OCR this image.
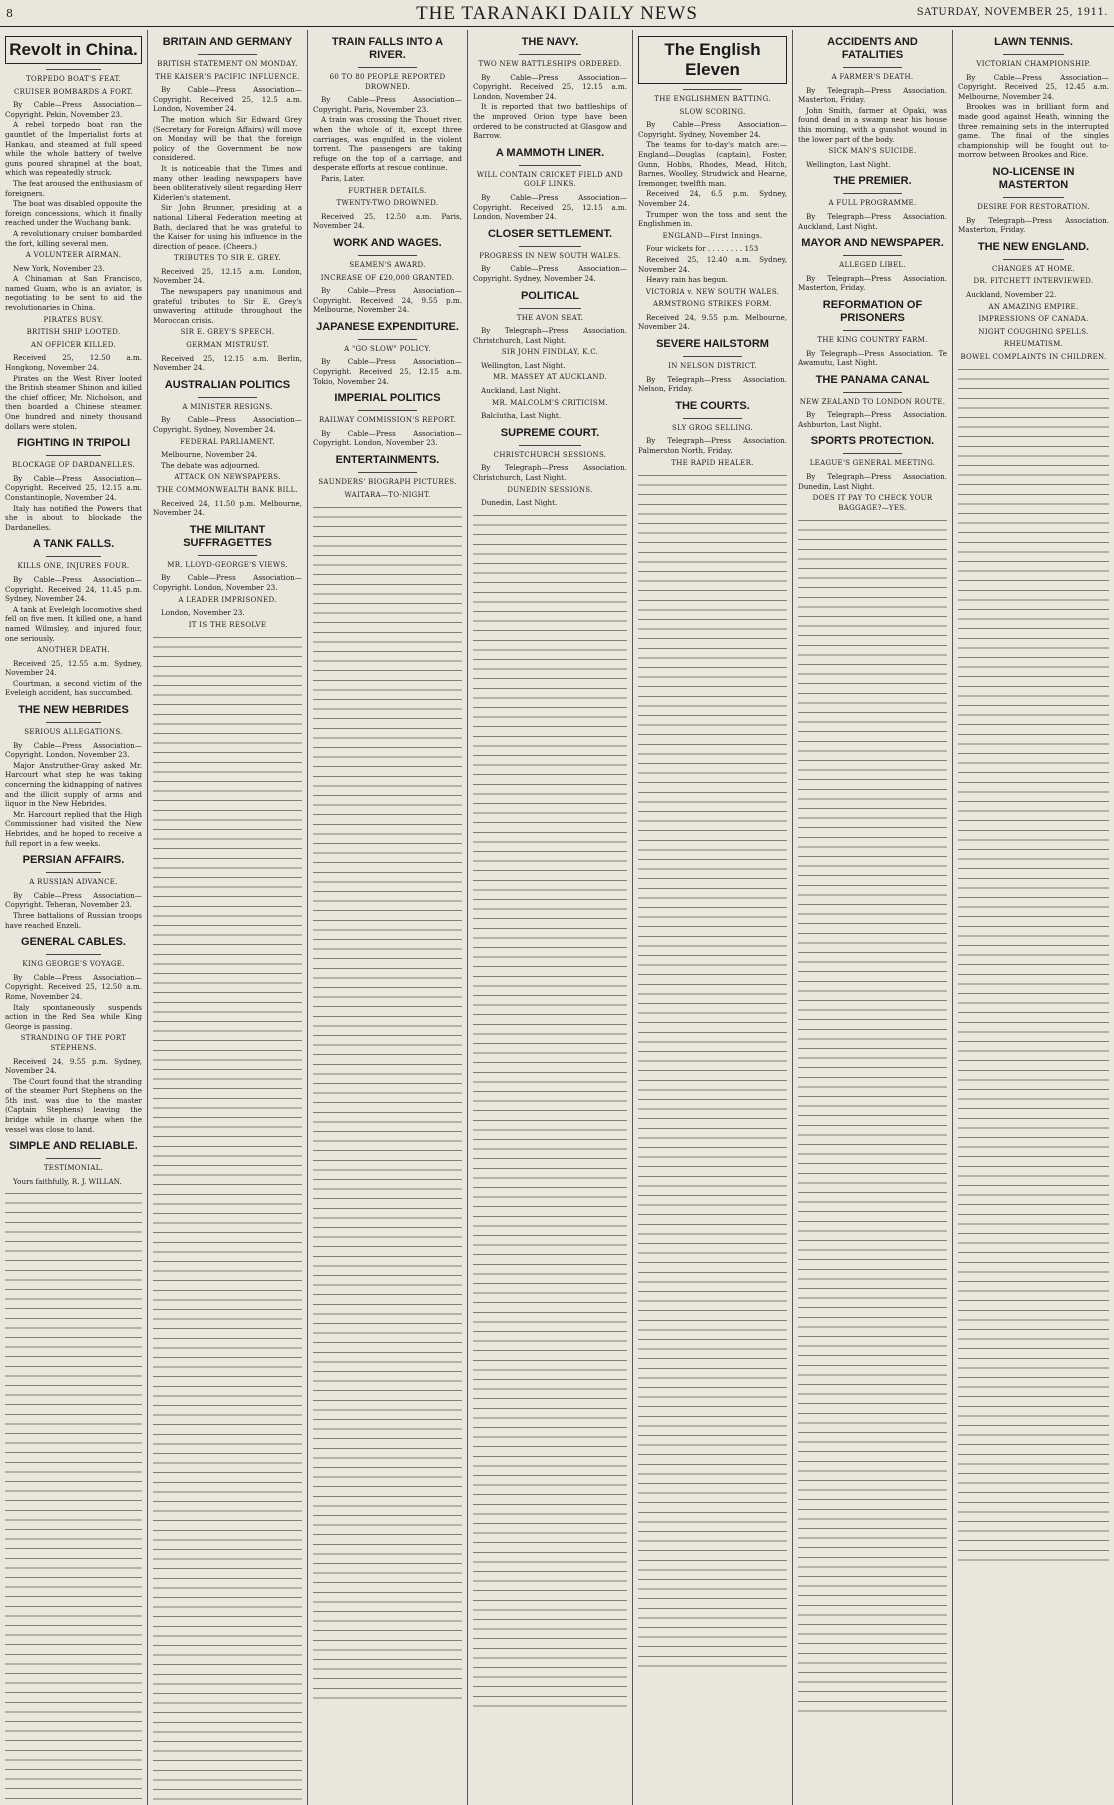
8	THE TARANAKI DAILY NEWS	SATURDAY, NOVEMBER 25, 1911.
Revolt in China.
TORPEDO BOAT'S FEAT.
CRUISER BOMBARDS A FORT.
By Cable—Press Association—Copyright. Pekin, November 23.
A rebel torpedo boat ran the gauntlet of the Imperialist forts at Hankau, and steamed at full speed while the whole battery of twelve guns poured shrapnel at the boat, which was repeatedly struck.
The feat aroused the enthusiasm of foreigners.
The boat was disabled opposite the foreign concessions, which it finally reached under the Wuchang bank.
A revolutionary cruiser bombarded the fort, killing several men.
A VOLUNTEER AIRMAN.
New York, November 23.
A Chinaman at San Francisco, named Guam, who is an aviator, is negotiating to be sent to aid the revolutionaries in China.
PIRATES BUSY.
BRITISH SHIP LOOTED.
AN OFFICER KILLED.
Received 25, 12.50 a.m. Hongkong, November 24.
Pirates on the West River looted the British steamer Shinon and killed the chief officer, Mr. Nicholson, and then boarded a Chinese steamer. One hundred and ninety thousand dollars were stolen.
FIGHTING IN TRIPOLI
BLOCKAGE OF DARDANELLES.
By Cable—Press Association—Copyright. Received 25, 12.15 a.m. Constantinople, November 24.
Italy has notified the Powers that she is about to blockade the Dardanelles.
A TANK FALLS.
KILLS ONE, INJURES FOUR.
By Cable—Press Association—Copyright. Received 24, 11.45 p.m. Sydney, November 24.
A tank at Eveleigh locomotive shed fell on five men. It killed one, a hand named Wilmsley, and injured four, one seriously.
ANOTHER DEATH.
Received 25, 12.55 a.m. Sydney, November 24.
Courtman, a second victim of the Eveleigh accident, has succumbed.
THE NEW HEBRIDES
SERIOUS ALLEGATIONS.
By Cable—Press Association—Copyright. London, November 23.
Major Anstruther-Gray asked Mr. Harcourt what step he was taking concerning the kidnapping of natives and the illicit supply of arms and liquor in the New Hebrides.
Mr. Harcourt replied that the High Commissioner had visited the New Hebrides, and he hoped to receive a full report in a few weeks.
PERSIAN AFFAIRS.
A RUSSIAN ADVANCE.
By Cable—Press Association—Copyright. Teheran, November 23.
Three battalions of Russian troops have reached Enzeli.
GENERAL CABLES.
KING GEORGE'S VOYAGE.
By Cable—Press Association—Copyright. Received 25, 12.50 a.m. Rome, November 24.
Italy spontaneously suspends action in the Red Sea while King George is passing.
STRANDING OF THE PORT STEPHENS.
Received 24, 9.55 p.m. Sydney, November 24.
The Court found that the stranding of the steamer Port Stephens on the 5th inst. was due to the master (Captain Stephens) leaving the bridge while in charge when the vessel was close to land.
SIMPLE AND RELIABLE.
TESTIMONIAL.
Yours faithfully, R. J. WILLAN.
BRITAIN AND GERMANY
BRITISH STATEMENT ON MONDAY.
THE KAISER'S PACIFIC INFLUENCE.
By Cable—Press Association—Copyright. Received 25, 12.5 a.m. London, November 24.
The motion which Sir Edward Grey (Secretary for Foreign Affairs) will move on Monday will be that the foreign policy of the Government be now considered.
It is noticeable that the Times and many other leading newspapers have been obliteratively silent regarding Herr Kiderlen's statement.
Sir John Brunner, presiding at a national Liberal Federation meeting at Bath, declared that he was grateful to the Kaiser for using his influence in the direction of peace. (Cheers.)
TRIBUTES TO SIR E. GREY.
Received 25, 12.15 a.m. London, November 24.
The newspapers pay unanimous and grateful tributes to Sir E. Grey's unwavering attitude throughout the Moroccan crisis.
SIR E. GREY'S SPEECH.
GERMAN MISTRUST.
Received 25, 12.15 a.m. Berlin, November 24.
AUSTRALIAN POLITICS
A MINISTER RESIGNS.
By Cable—Press Association—Copyright. Sydney, November 24.
FEDERAL PARLIAMENT.
Melbourne, November 24.
The debate was adjourned.
ATTACK ON NEWSPAPERS.
THE COMMONWEALTH BANK BILL.
Received 24, 11.50 p.m. Melbourne, November 24.
THE MILITANT SUFFRAGETTES
MR. LLOYD-GEORGE'S VIEWS.
By Cable—Press Association—Copyright. London, November 23.
A LEADER IMPRISONED.
London, November 23.
IT IS THE RESOLVE
TRAIN FALLS INTO A RIVER.
60 TO 80 PEOPLE REPORTED DROWNED.
By Cable—Press Association—Copyright. Paris, November 23.
A train was crossing the Thouet river, when the whole of it, except three carriages, was engulfed in the violent torrent. The passengers are taking refuge on the top of a carriage, and desperate efforts at rescue continue.
Paris, Later.
FURTHER DETAILS.
TWENTY-TWO DROWNED.
Received 25, 12.50 a.m. Paris, November 24.
WORK AND WAGES.
SEAMEN'S AWARD.
INCREASE OF £20,000 GRANTED.
By Cable—Press Association—Copyright. Received 24, 9.55 p.m. Melbourne, November 24.
JAPANESE EXPENDITURE.
A "GO SLOW" POLICY.
By Cable—Press Association—Copyright. Received 25, 12.15 a.m. Tokio, November 24.
IMPERIAL POLITICS
RAILWAY COMMISSION'S REPORT.
By Cable—Press Association—Copyright. London, November 23.
ENTERTAINMENTS.
SAUNDERS' BIOGRAPH PICTURES.
WAITARA—TO-NIGHT.
THE NAVY.
TWO NEW BATTLESHIPS ORDERED.
By Cable—Press Association—Copyright. Received 25, 12.15 a.m. London, November 24.
It is reported that two battleships of the improved Orion type have been ordered to be constructed at Glasgow and Barrow.
A MAMMOTH LINER.
WILL CONTAIN CRICKET FIELD AND GOLF LINKS.
By Cable—Press Association—Copyright. Received 25, 12.15 a.m. London, November 24.
CLOSER SETTLEMENT.
PROGRESS IN NEW SOUTH WALES.
By Cable—Press Association—Copyright. Sydney, November 24.
POLITICAL
THE AVON SEAT.
By Telegraph—Press Association. Christchurch, Last Night.
SIR JOHN FINDLAY, K.C.
Wellington, Last Night.
MR. MASSEY AT AUCKLAND.
Auckland, Last Night.
MR. MALCOLM'S CRITICISM.
Balclutha, Last Night.
SUPREME COURT.
CHRISTCHURCH SESSIONS.
By Telegraph—Press Association. Christchurch, Last Night.
DUNEDIN SESSIONS.
Dunedin, Last Night.
The English Eleven
THE ENGLISHMEN BATTING.
SLOW SCORING.
By Cable—Press Association—Copyright. Sydney, November 24.
The teams for to-day's match are:— England—Douglas (captain), Foster, Gunn, Hobbs, Rhodes, Mead, Hitch, Barnes, Woolley, Strudwick and Hearne, Iremonger, twelfth man.
Received 24, 6.5 p.m. Sydney, November 24.
Trumper won the toss and sent the Englishmen in.
ENGLAND—First Innings.
Four wickets for . . . . . . . . 153
Received 25, 12.40 a.m. Sydney, November 24.
Heavy rain has begun.
VICTORIA v. NEW SOUTH WALES.
ARMSTRONG STRIKES FORM.
Received 24, 9.55 p.m. Melbourne, November 24.
SEVERE HAILSTORM
IN NELSON DISTRICT.
By Telegraph—Press Association. Nelson, Friday.
THE COURTS.
SLY GROG SELLING.
By Telegraph—Press Association. Palmerston North, Friday.
THE RAPID HEALER.
ACCIDENTS AND FATALITIES
A FARMER'S DEATH.
By Telegraph—Press Association. Masterton, Friday.
John Smith, farmer at Opaki, was found dead in a swamp near his house this morning, with a gunshot wound in the lower part of the body.
SICK MAN'S SUICIDE.
Wellington, Last Night.
THE PREMIER.
A FULL PROGRAMME.
By Telegraph—Press Association. Auckland, Last Night.
MAYOR AND NEWSPAPER.
ALLEGED LIBEL.
By Telegraph—Press Association. Masterton, Friday.
REFORMATION OF PRISONERS
THE KING COUNTRY FARM.
By Telegraph—Press Association. Te Awamutu, Last Night.
THE PANAMA CANAL
NEW ZEALAND TO LONDON ROUTE.
By Telegraph—Press Association. Ashburton, Last Night.
SPORTS PROTECTION.
LEAGUE'S GENERAL MEETING.
By Telegraph—Press Association. Dunedin, Last Night.
DOES IT PAY TO CHECK YOUR BAGGAGE?—YES.
LAWN TENNIS.
VICTORIAN CHAMPIONSHIP.
By Cable—Press Association—Copyright. Received 25, 12.45 a.m. Melbourne, November 24.
Brookes was in brilliant form and made good against Heath, winning the three remaining sets in the interrupted game. The final of the singles championship will be fought out to-morrow between Brookes and Rice.
NO-LICENSE IN MASTERTON
DESIRE FOR RESTORATION.
By Telegraph—Press Association. Masterton, Friday.
THE NEW ENGLAND.
CHANGES AT HOME.
DR. FITCHETT INTERVIEWED.
Auckland, November 22.
AN AMAZING EMPIRE.
IMPRESSIONS OF CANADA.
NIGHT COUGHING SPELLS.
RHEUMATISM.
BOWEL COMPLAINTS IN CHILDREN.
